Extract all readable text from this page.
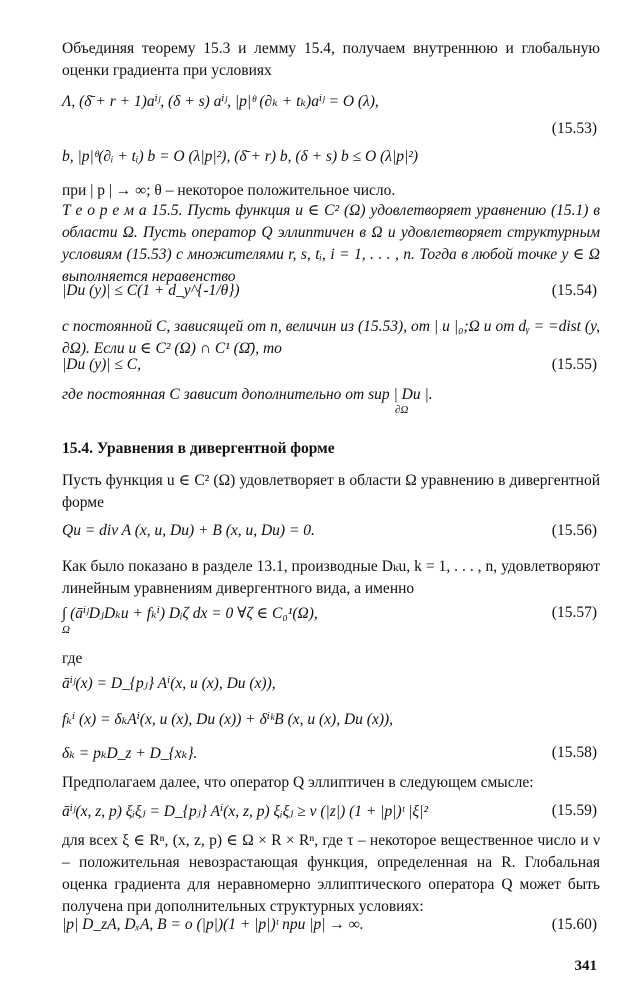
Объединяя теорему 15.3 и лемму 15.4, получаем внутреннюю и глобальную оценки градиента при условиях
Λ, (δ̄ + r + 1)aⁱʲ, (δ + s) aⁱʲ, |p|ᶿ (∂ₖ + tₖ)aⁱʲ = O (λ),
(15.53)
b, |p|ᶿ(∂ᵢ + tᵢ) b = O (λ|p|²), (δ̄ + r) b, (δ + s) b ≤ O (λ|p|²)
при | p | → ∞; θ – некоторое положительное число.
Т е о р е м а 15.5. Пусть функция u ∈ C² (Ω) удовлетворяет уравнению (15.1) в области Ω. Пусть оператор Q эллиптичен в Ω и удовлетворяет структурным условиям (15.53) с множителями r, s, tᵢ, i = 1, . . . , n. Тогда в любой точке y ∈ Ω выполняется неравенство
|Du (y)| ≤ C(1 + d_y^{-1/θ})	(15.54)
с постоянной C, зависящей от n, величин из (15.53), от | u |₀;Ω и от dᵧ = =dist (y, ∂Ω). Если u ∈ C² (Ω) ∩ C¹ (Ω̄), то
|Du (y)| ≤ C,	(15.55)
где постоянная C зависит дополнительно от sup | Du |.
∂Ω
15.4. Уравнения в дивергентной форме
Пусть функция u ∈ C² (Ω) удовлетворяет в области Ω уравнению в дивергентной форме
Qu = div A (x, u, Du) + B (x, u, Du) = 0.	(15.56)
Как было показано в разделе 13.1, производные Dₖu, k = 1, . . . , n, удовлетворяют линейным уравнениям дивергентного вида, а именно
∫ (āⁱʲDⱼDₖu + fₖⁱ) Dᵢζ dx = 0 ∀ζ ∈ C₀¹(Ω),
Ω
(15.57)
где
āⁱʲ(x) = D_{pⱼ} Aⁱ(x, u (x), Du (x)),
fₖⁱ (x) = δₖAⁱ(x, u (x), Du (x)) + δⁱᵏB (x, u (x), Du (x)),
δₖ = pₖD_z + D_{xₖ}.	(15.58)
Предполагаем далее, что оператор Q эллиптичен в следующем смысле:
āⁱʲ(x, z, p) ξᵢξⱼ = D_{pⱼ} Aⁱ(x, z, p) ξᵢξⱼ ≥ ν (|z|) (1 + |p|)ᵗ |ξ|²	(15.59)
для всех ξ ∈ Rⁿ, (x, z, p) ∈ Ω × R × Rⁿ, где τ – некоторое вещественное число и ν – положительная невозрастающая функция, определенная на R. Глобальная оценка градиента для неравномерно эллиптического оператора Q может быть получена при дополнительных структурных условиях:
|p| D_zA, DₓA, B = o (|p|)(1 + |p|)ᵗ при |p| → ∞.	(15.60)
341
